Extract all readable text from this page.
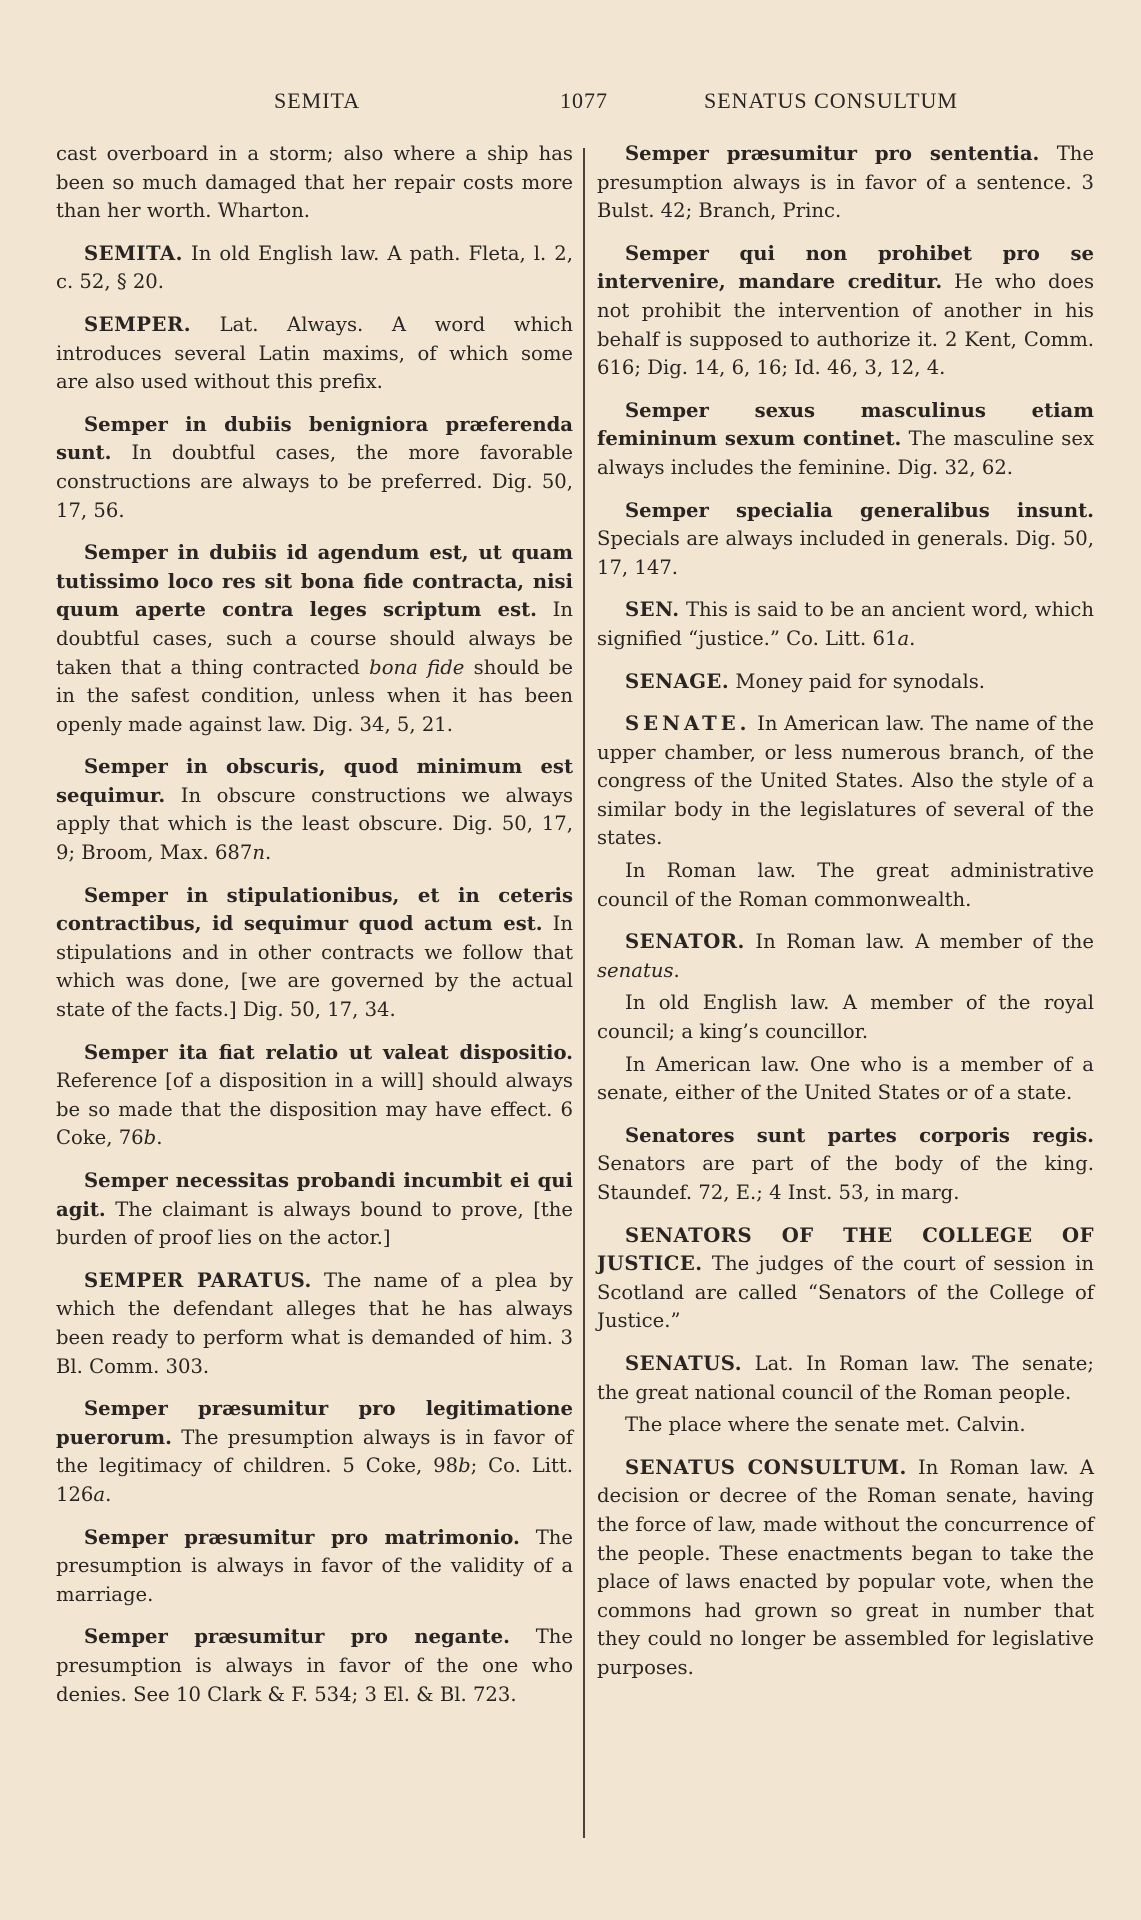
SEMITA	1077	SENATUS CONSULTUM

cast overboard in a storm; also where a ship has been so much damaged that her repair costs more than her worth. Wharton.

SEMITA. In old English law. A path. Fleta, l. 2, c. 52, § 20.

SEMPER. Lat. Always. A word which introduces several Latin maxims, of which some are also used without this prefix.

Semper in dubiis benigniora præferenda sunt. In doubtful cases, the more favorable constructions are always to be preferred. Dig. 50, 17, 56.

Semper in dubiis id agendum est, ut quam tutissimo loco res sit bona fide contracta, nisi quum aperte contra leges scriptum est. In doubtful cases, such a course should always be taken that a thing contracted bona fide should be in the safest condition, unless when it has been openly made against law. Dig. 34, 5, 21.

Semper in obscuris, quod minimum est sequimur. In obscure constructions we always apply that which is the least obscure. Dig. 50, 17, 9; Broom, Max. 687n.

Semper in stipulationibus, et in ceteris contractibus, id sequimur quod actum est. In stipulations and in other contracts we follow that which was done, [we are governed by the actual state of the facts.] Dig. 50, 17, 34.

Semper ita fiat relatio ut valeat dispositio. Reference [of a disposition in a will] should always be so made that the disposition may have effect. 6 Coke, 76b.

Semper necessitas probandi incumbit ei qui agit. The claimant is always bound to prove, [the burden of proof lies on the actor.]

SEMPER PARATUS. The name of a plea by which the defendant alleges that he has always been ready to perform what is demanded of him. 3 Bl. Comm. 303.

Semper præsumitur pro legitimatione puerorum. The presumption always is in favor of the legitimacy of children. 5 Coke, 98b; Co. Litt. 126a.

Semper præsumitur pro matrimonio. The presumption is always in favor of the validity of a marriage.

Semper præsumitur pro negante. The presumption is always in favor of the one who denies. See 10 Clark & F. 534; 3 El. & Bl. 723.

Semper præsumitur pro sententia. The presumption always is in favor of a sentence. 3 Bulst. 42; Branch, Princ.

Semper qui non prohibet pro se intervenire, mandare creditur. He who does not prohibit the intervention of another in his behalf is supposed to authorize it. 2 Kent, Comm. 616; Dig. 14, 6, 16; Id. 46, 3, 12, 4.

Semper sexus masculinus etiam femininum sexum continet. The masculine sex always includes the feminine. Dig. 32, 62.

Semper specialia generalibus insunt. Specials are always included in generals. Dig. 50, 17, 147.

SEN. This is said to be an ancient word, which signified “justice.” Co. Litt. 61a.

SENAGE. Money paid for synodals.

SENATE. In American law. The name of the upper chamber, or less numerous branch, of the congress of the United States. Also the style of a similar body in the legislatures of several of the states.

In Roman law. The great administrative council of the Roman commonwealth.

SENATOR. In Roman law. A member of the senatus.

In old English law. A member of the royal council; a king’s councillor.

In American law. One who is a member of a senate, either of the United States or of a state.

Senatores sunt partes corporis regis. Senators are part of the body of the king. Staundef. 72, E.; 4 Inst. 53, in marg.

SENATORS OF THE COLLEGE OF JUSTICE. The judges of the court of session in Scotland are called “Senators of the College of Justice.”

SENATUS. Lat. In Roman law. The senate; the great national council of the Roman people.

The place where the senate met. Calvin.

SENATUS CONSULTUM. In Roman law. A decision or decree of the Roman senate, having the force of law, made without the concurrence of the people. These enactments began to take the place of laws enacted by popular vote, when the commons had grown so great in number that they could no longer be assembled for legislative purposes.
